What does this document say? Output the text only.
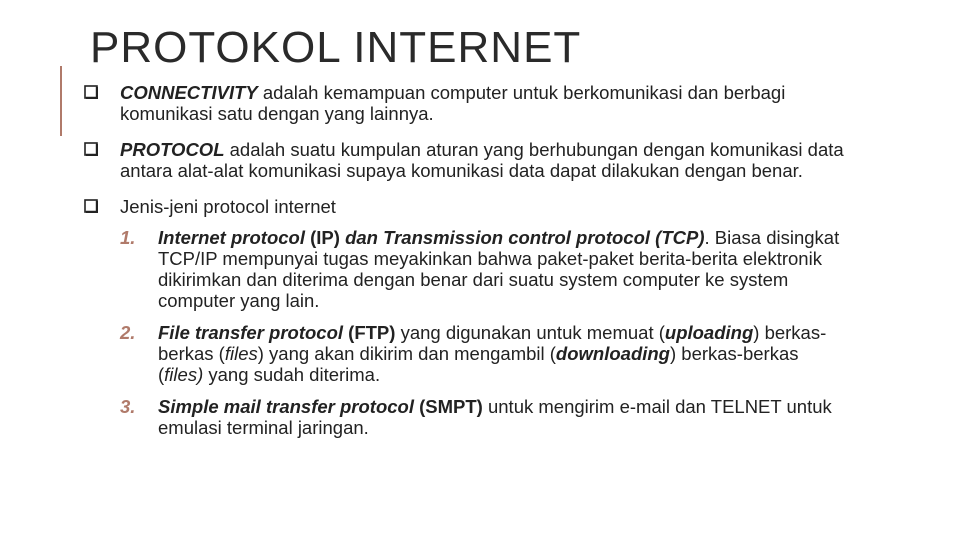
PROTOKOL INTERNET
CONNECTIVITY adalah kemampuan computer untuk berkomunikasi dan berbagi komunikasi satu dengan yang lainnya.
PROTOCOL adalah suatu kumpulan aturan yang berhubungan dengan komunikasi data antara alat-alat komunikasi supaya komunikasi data dapat dilakukan dengan benar.
Jenis-jeni protocol internet
1. Internet protocol (IP) dan Transmission control protocol (TCP). Biasa disingkat TCP/IP mempunyai tugas meyakinkan bahwa paket-paket berita-berita elektronik dikirimkan dan diterima dengan benar dari suatu system computer ke system computer yang lain.
2. File transfer protocol (FTP) yang digunakan untuk memuat (uploading) berkas-berkas (files) yang akan dikirim dan mengambil (downloading) berkas-berkas (files) yang sudah diterima.
3. Simple mail transfer protocol (SMPT) untuk mengirim e-mail dan TELNET untuk emulasi terminal jaringan.
